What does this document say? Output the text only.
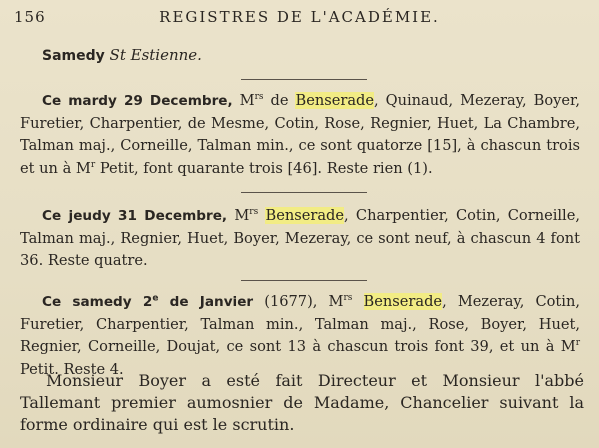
156	REGISTRES DE L'ACADÉMIE.
Samedy St Estienne.

Ce mardy 29 Decembre, $M^{rs}$ de Benserade, Quinaud, Mezeray, Boyer, Furetier, Charpentier, de Mesme, Cotin, Rose, Regnier, Huet, La Chambre, Talman maj., Corneille, Talman min., ce sont quatorze [15], à chascun trois et un à $M^r$ Petit, font quarante trois [46]. Reste rien (1).

Ce jeudy 31 Decembre, $M^{rs}$ Benserade, Charpentier, Cotin, Corneille, Talman maj., Regnier, Huet, Boyer, Mezeray, ce sont neuf, à chascun 4 font 36. Reste quatre.

Ce samedy 2e de Janvier (1677), $M^{rs}$ Benserade, Mezeray, Cotin, Furetier, Charpentier, Talman min., Talman maj., Rose, Boyer, Huet, Regnier, Corneille, Doujat, ce sont 13 à chascun trois font 39, et un à $M^r$ Petit. Reste 4.

Monsieur Boyer a esté fait Directeur et Monsieur l'abbé Tallemant premier aumosnier de Madame, Chancelier suivant la forme ordinaire qui est le scrutin.
